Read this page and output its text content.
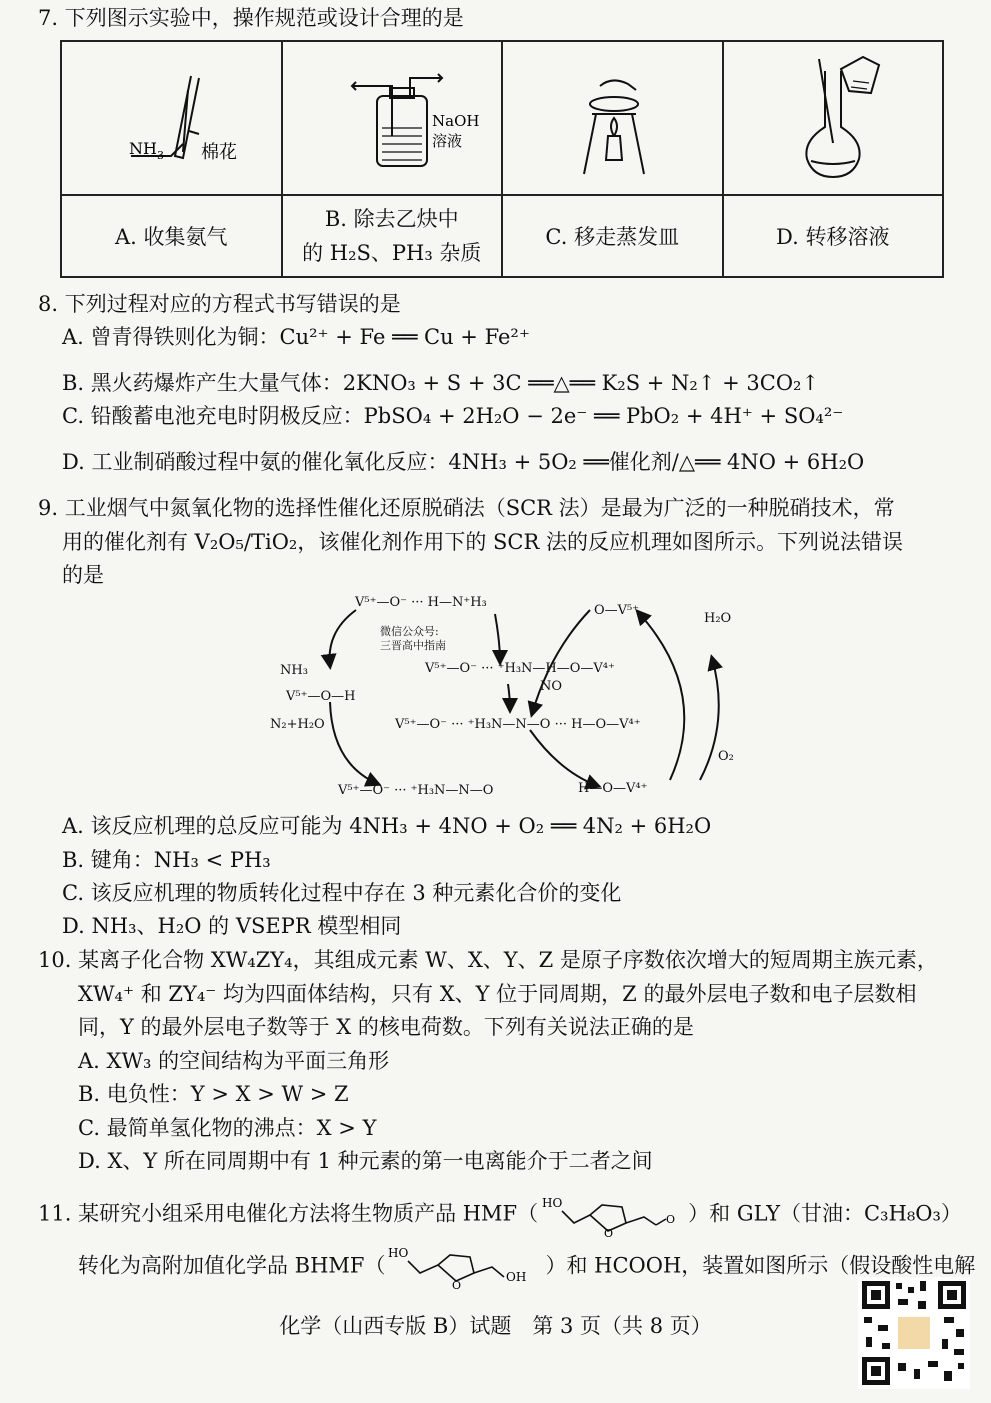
7. 下列图示实验中，操作规范或设计合理的是
$NH_3$ 棉花	NaOH
溶液

A. 收集氨气	B. 除去乙炔中
的 H₂S、PH₃ 杂质	C. 移走蒸发皿	D. 转移溶液
8. 下列过程对应的方程式书写错误的是
A. 曾青得铁则化为铜：Cu²⁺ + Fe ══ Cu + Fe²⁺
B. 黑火药爆炸产生大量气体：2KNO₃ + S + 3C ══△══ K₂S + N₂↑ + 3CO₂↑
C. 铅酸蓄电池充电时阴极反应：PbSO₄ + 2H₂O − 2e⁻ ══ PbO₂ + 4H⁺ + SO₄²⁻
D. 工业制硝酸过程中氨的催化氧化反应：4NH₃ + 5O₂ ══催化剂/△══ 4NO + 6H₂O
9. 工业烟气中氮氧化物的选择性催化还原脱硝法（SCR 法）是最为广泛的一种脱硝技术，常
用的催化剂有 V₂O₅/TiO₂，该催化剂作用下的 SCR 法的反应机理如图所示。下列说法错误
的是
V⁵⁺—O⁻ ··· H—N⁺H₃
微信公众号:
三晋高中指南
V⁵⁺—O⁻ ··· ⁺H₃N—H—O—V⁴⁺
NO
V⁵⁺—O⁻ ··· ⁺H₃N—N—O ··· H—O—V⁴⁺
V⁵⁺—O⁻ ··· ⁺H₃N—N—O
V⁵⁺—O—H
O—V⁵⁺
H—O—V⁴⁺
NH₃
N₂+H₂O
H₂O
O₂
A. 该反应机理的总反应可能为 4NH₃ + 4NO + O₂ ══ 4N₂ + 6H₂O
B. 键角：NH₃ < PH₃
C. 该反应机理的物质转化过程中存在 3 种元素化合价的变化
D. NH₃、H₂O 的 VSEPR 模型相同
10. 某离子化合物 XW₄ZY₄，其组成元素 W、X、Y、Z 是原子序数依次增大的短周期主族元素，
XW₄⁺ 和 ZY₄⁻ 均为四面体结构，只有 X、Y 位于同周期，Z 的最外层电子数和电子层数相
同，Y 的最外层电子数等于 X 的核电荷数。下列有关说法正确的是
A. XW₃ 的空间结构为平面三角形
B. 电负性：Y > X > W > Z
C. 最简单氢化物的沸点：X > Y
D. X、Y 所在同周期中有 1 种元素的第一电离能介于二者之间
11. 某研究小组采用电催化方法将生物质产品 HMF（ HO
O
O ）和 GLY（甘油：C₃H₈O₃）
转化为高附加值化学品 BHMF（
HO
O
OH ）和 HCOOH，装置如图所示（假设酸性电解
化学（山西专版 B）试题　第 3 页（共 8 页）
